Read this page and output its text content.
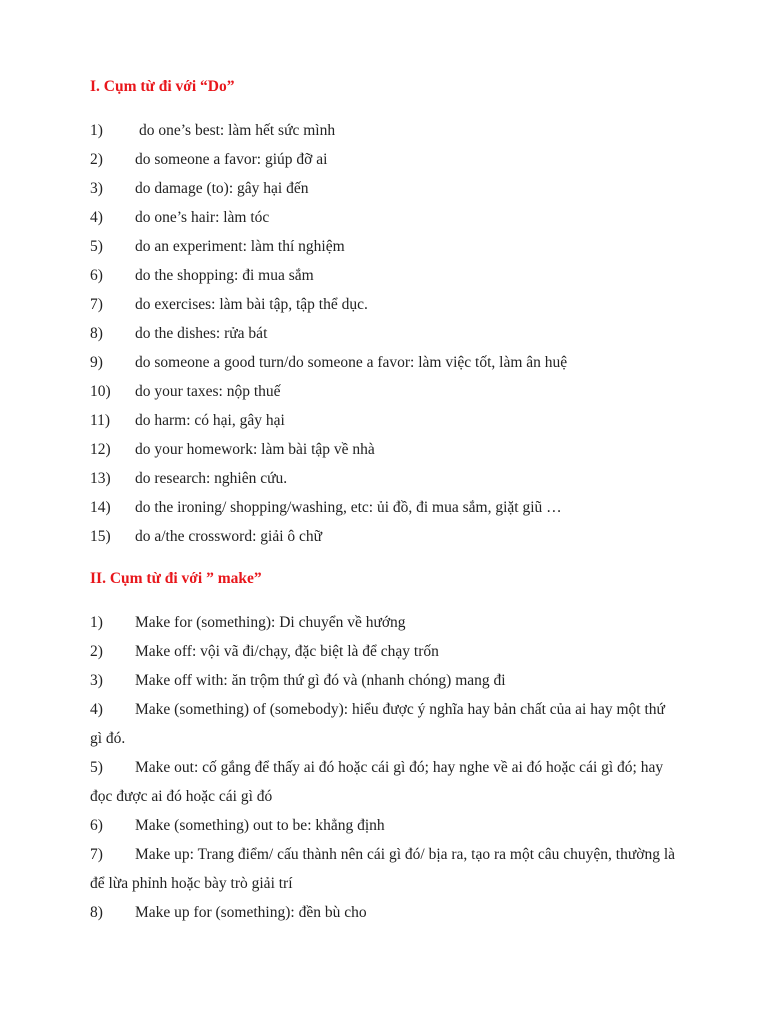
I. Cụm từ đi với “Do”
1) do one’s best: làm hết sức mình
2) do someone a favor: giúp đỡ ai
3) do damage (to): gây hại đến
4) do one’s hair: làm tóc
5) do an experiment: làm thí nghiệm
6) do the shopping: đi mua sắm
7) do exercises: làm bài tập, tập thể dục.
8) do the dishes: rửa bát
9) do someone a good turn/do someone a favor: làm việc tốt, làm ân huệ
10) do your taxes: nộp thuế
11) do harm: có hại, gây hại
12) do your homework: làm bài tập về nhà
13) do research: nghiên cứu.
14) do the ironing/ shopping/washing, etc: ủi đồ, đi mua sắm, giặt giũ …
15) do a/the crossword: giải ô chữ
II. Cụm từ đi với ” make”
1) Make for (something): Di chuyển về hướng
2) Make off: vội vã đi/chạy, đặc biệt là để chạy trốn
3) Make off with: ăn trộm thứ gì đó và (nhanh chóng) mang đi
4) Make (something) of (somebody): hiểu được ý nghĩa hay bản chất của ai hay một thứ gì đó.
5) Make out: cố gắng để thấy ai đó hoặc cái gì đó; hay nghe về ai đó hoặc cái gì đó; hay đọc được ai đó hoặc cái gì đó
6) Make (something) out to be: khẳng định
7) Make up: Trang điểm/ cấu thành nên cái gì đó/ bịa ra, tạo ra một câu chuyện, thường là để lừa phỉnh hoặc bày trò giải trí
8) Make up for (something): đền bù cho
